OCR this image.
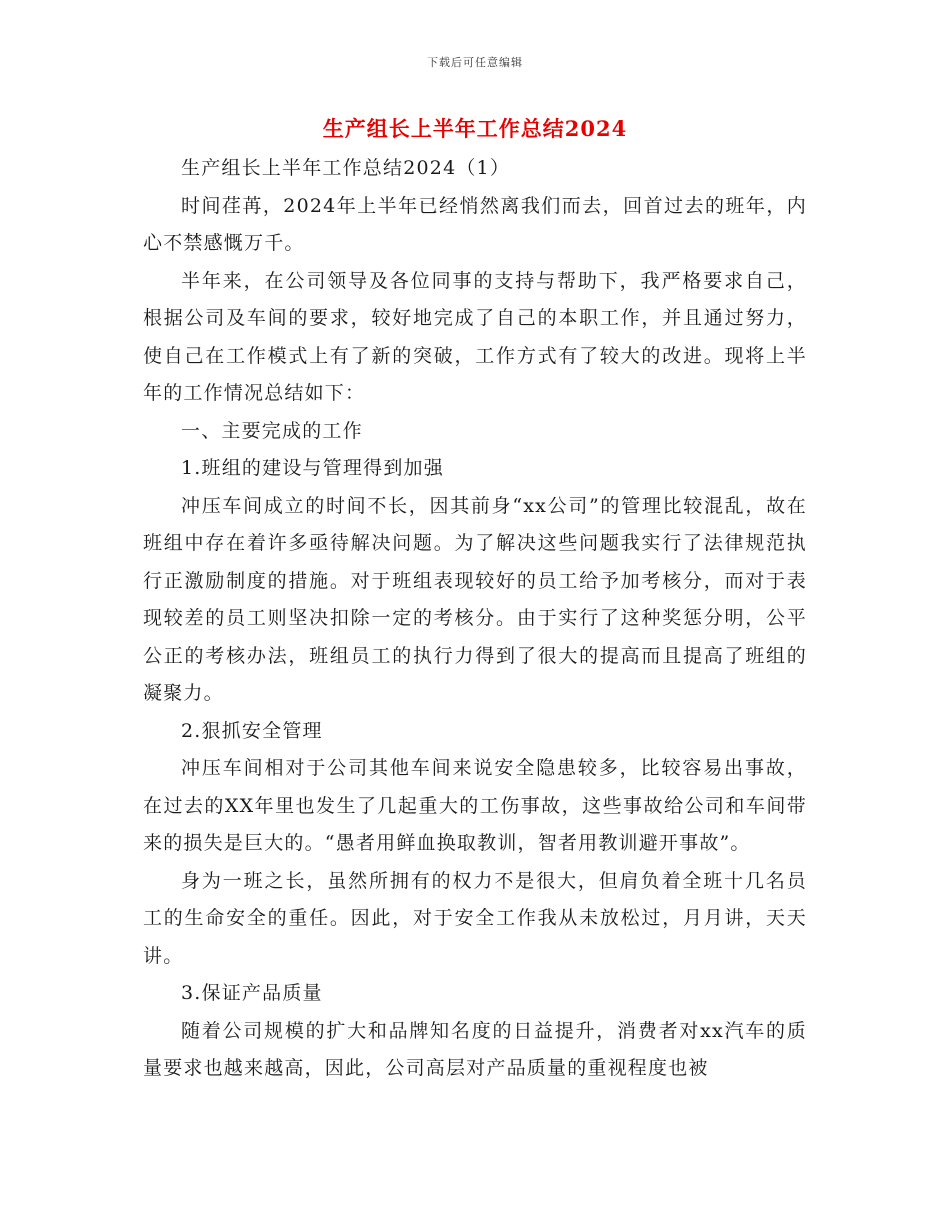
下载后可任意编辑
生产组长上半年工作总结2024

生产组长上半年工作总结2024（1）

时间荏苒，2024年上半年已经悄然离我们而去，回首过去的班年，内心不禁感慨万千。

半年来，在公司领导及各位同事的支持与帮助下，我严格要求自己，根据公司及车间的要求，较好地完成了自己的本职工作，并且通过努力，使自己在工作模式上有了新的突破，工作方式有了较大的改进。现将上半年的工作情况总结如下：

一、主要完成的工作

1.班组的建设与管理得到加强

冲压车间成立的时间不长，因其前身“xx公司”的管理比较混乱，故在班组中存在着许多亟待解决问题。为了解决这些问题我实行了法律规范执行正激励制度的措施。对于班组表现较好的员工给予加考核分，而对于表现较差的员工则坚决扣除一定的考核分。由于实行了这种奖惩分明，公平公正的考核办法，班组员工的执行力得到了很大的提高而且提高了班组的凝聚力。

2.狠抓安全管理

冲压车间相对于公司其他车间来说安全隐患较多，比较容易出事故，在过去的XX年里也发生了几起重大的工伤事故，这些事故给公司和车间带来的损失是巨大的。“愚者用鲜血换取教训，智者用教训避开事故”。

身为一班之长，虽然所拥有的权力不是很大，但肩负着全班十几名员工的生命安全的重任。因此，对于安全工作我从未放松过，月月讲，天天讲。

3.保证产品质量

随着公司规模的扩大和品牌知名度的日益提升，消费者对xx汽车的质量要求也越来越高，因此，公司高层对产品质量的重视程度也被
